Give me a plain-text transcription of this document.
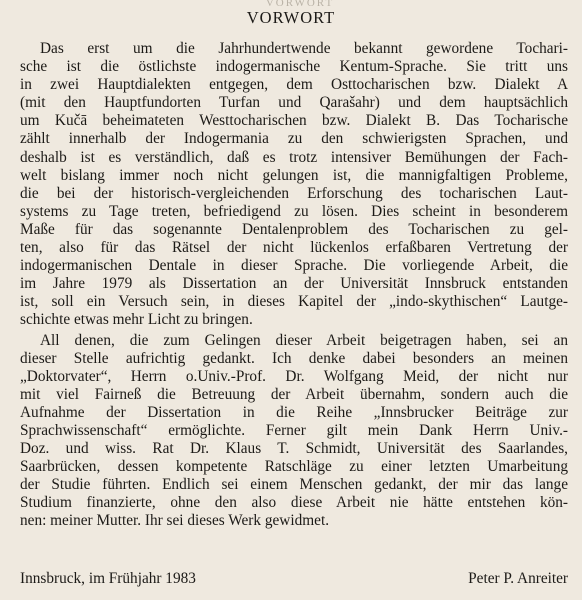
VORWORT
VORWORT
Das erst um die Jahrhundertwende bekannt gewordene Tochari-
sche ist die östlichste indogermanische Kentum-Sprache. Sie tritt uns
in zwei Hauptdialekten entgegen, dem Osttocharischen bzw. Dialekt A
(mit den Hauptfundorten Turfan und Qarašahr) und dem hauptsächlich
um Kučā beheimateten Westtocharischen bzw. Dialekt B. Das Tocharische
zählt innerhalb der Indogermania zu den schwierigsten Sprachen, und
deshalb ist es verständlich, daß es trotz intensiver Bemühungen der Fach-
welt bislang immer noch nicht gelungen ist, die mannigfaltigen Probleme,
die bei der historisch-vergleichenden Erforschung des tocharischen Laut-
systems zu Tage treten, befriedigend zu lösen. Dies scheint in besonderem
Maße für das sogenannte Dentalenproblem des Tocharischen zu gel-
ten, also für das Rätsel der nicht lückenlos erfaßbaren Vertretung der
indogermanischen Dentale in dieser Sprache. Die vorliegende Arbeit, die
im Jahre 1979 als Dissertation an der Universität Innsbruck entstanden
ist, soll ein Versuch sein, in dieses Kapitel der „indo-skythischen“ Lautge-
schichte etwas mehr Licht zu bringen.
All denen, die zum Gelingen dieser Arbeit beigetragen haben, sei an
dieser Stelle aufrichtig gedankt. Ich denke dabei besonders an meinen
„Doktorvater“, Herrn o.Univ.-Prof. Dr. Wolfgang Meid, der nicht nur
mit viel Fairneß die Betreuung der Arbeit übernahm, sondern auch die
Aufnahme der Dissertation in die Reihe „Innsbrucker Beiträge zur
Sprachwissenschaft“ ermöglichte. Ferner gilt mein Dank Herrn Univ.-
Doz. und wiss. Rat Dr. Klaus T. Schmidt, Universität des Saarlandes,
Saarbrücken, dessen kompetente Ratschläge zu einer letzten Umarbeitung
der Studie führten. Endlich sei einem Menschen gedankt, der mir das lange
Studium finanzierte, ohne den also diese Arbeit nie hätte entstehen kön-
nen: meiner Mutter. Ihr sei dieses Werk gewidmet.
Innsbruck, im Frühjahr 1983	Peter P. Anreiter
